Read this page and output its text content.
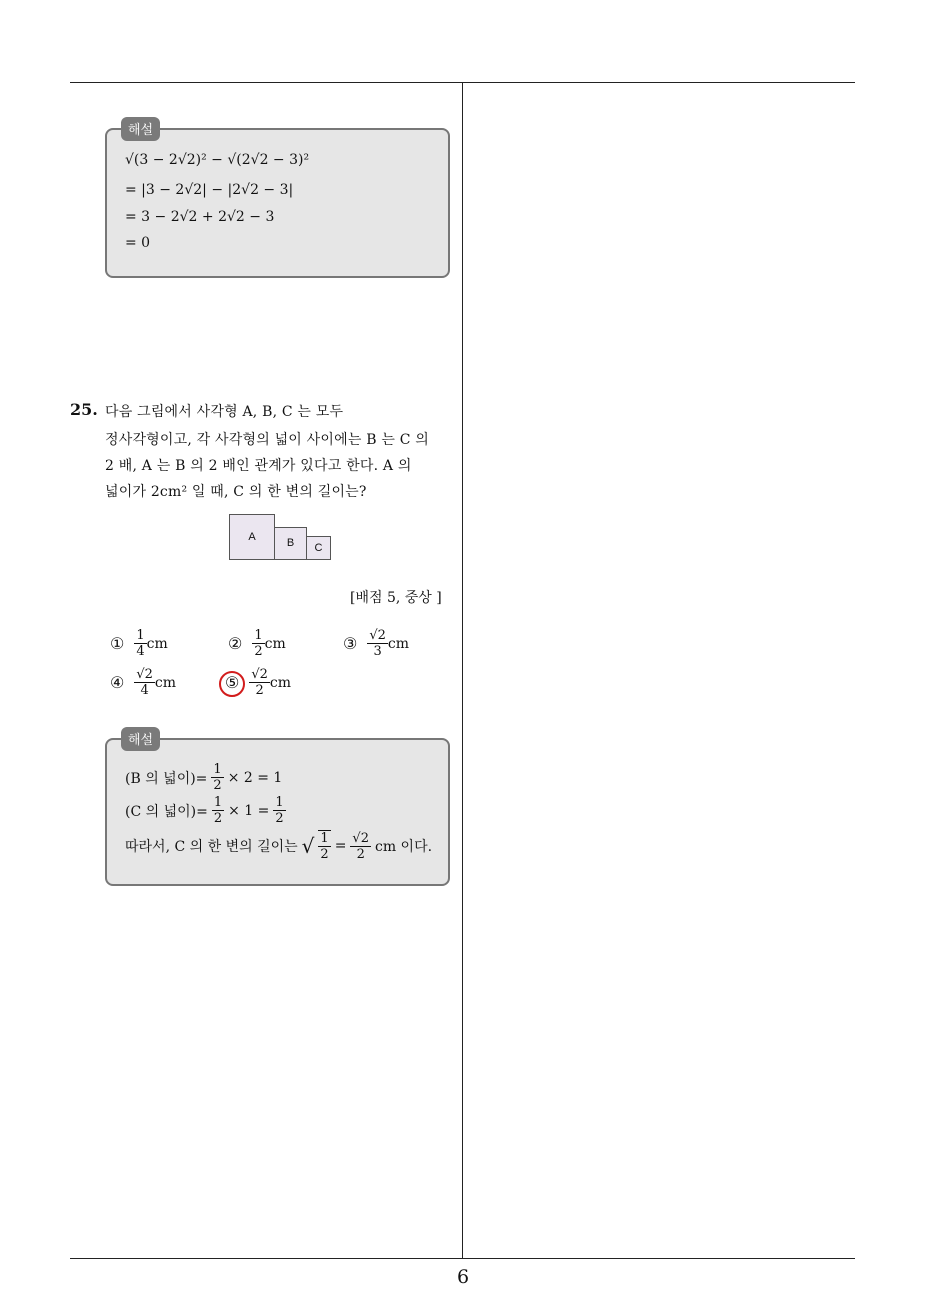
6
해설
√(3 − 2√2)² − √(2√2 − 3)²
= |3 − 2√2| − |2√2 − 3|
= 3 − 2√2 + 2√2 − 3
= 0
25. 다음 그림에서 사각형 A, B, C 는 모두
정사각형이고, 각 사각형의 넓이 사이에는 B 는 C 의
2 배, A 는 B 의 2 배인 관계가 있다고 한다. A 의
넓이가 2cm² 일 때, C 의 한 변의 길이는?
A	B	C
[배점 5, 중상 ]
① $\frac{1}{4}$ cm	② $\frac{1}{2}$ cm	③ $\frac{√2}{3}$ cm
④ $\frac{√2}{4}$ cm	⑤ $\frac{√2}{2}$ cm
해설
(B 의 넓이)= $\frac{1}{2} \times 2 = 1$
(C 의 넓이)= $\frac{1}{2} \times 1 = \frac{1}{2}$
따라서, C 의 한 변의 길이는 √ $\frac{1}{2} = \frac{√2}{2}$ cm 이다.
